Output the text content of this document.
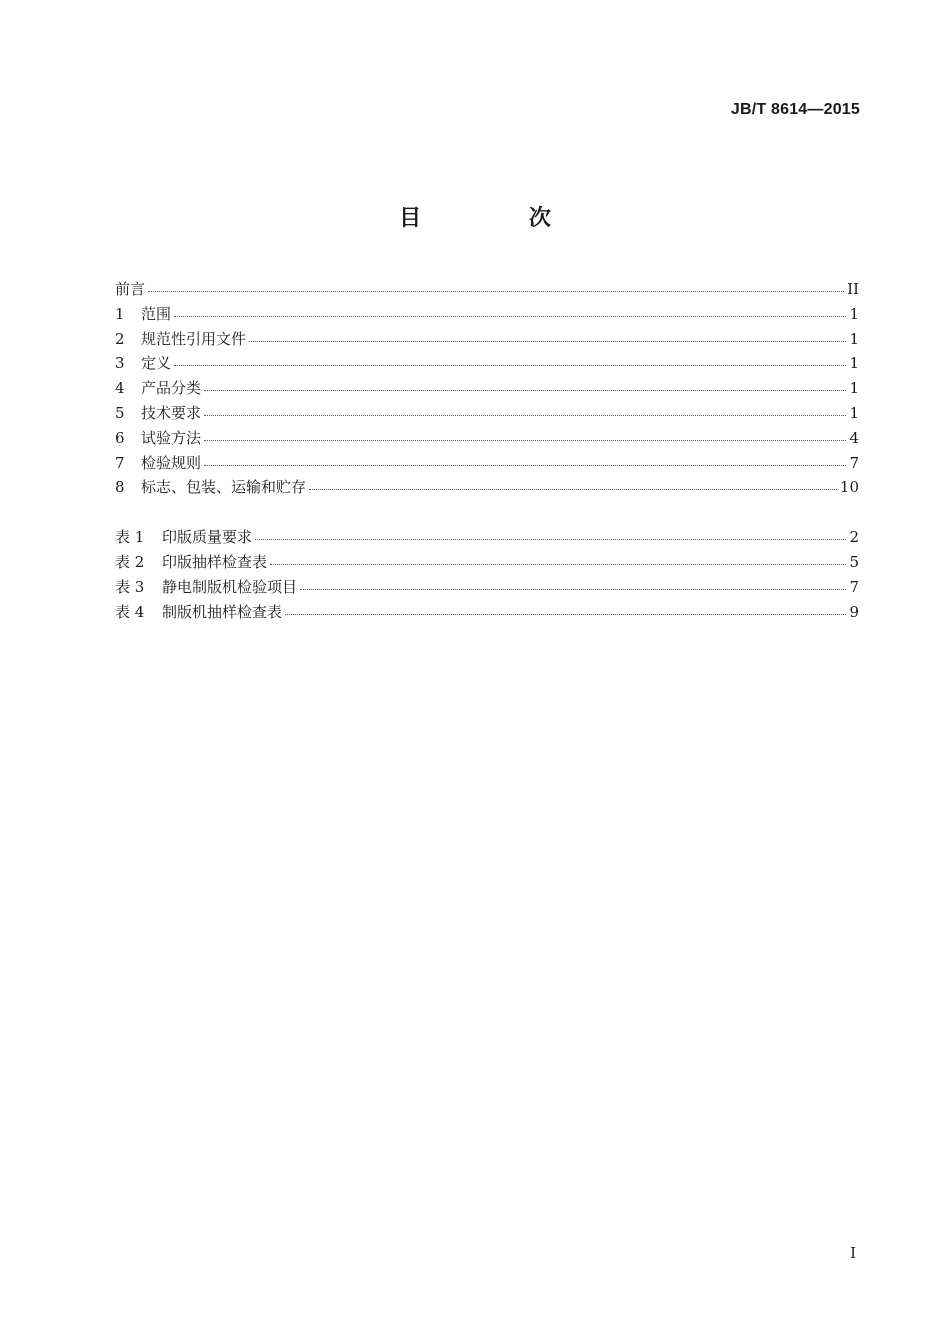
JB/T 8614—2015
目 次
前言	II
1	范围	1
2	规范性引用文件	1
3	定义	1
4	产品分类	1
5	技术要求	1
6	试验方法	4
7	检验规则	7
8	标志、包装、运输和贮存	10
表 1	印版质量要求	2
表 2	印版抽样检查表	5
表 3	静电制版机检验项目	7
表 4	制版机抽样检查表	9
I
